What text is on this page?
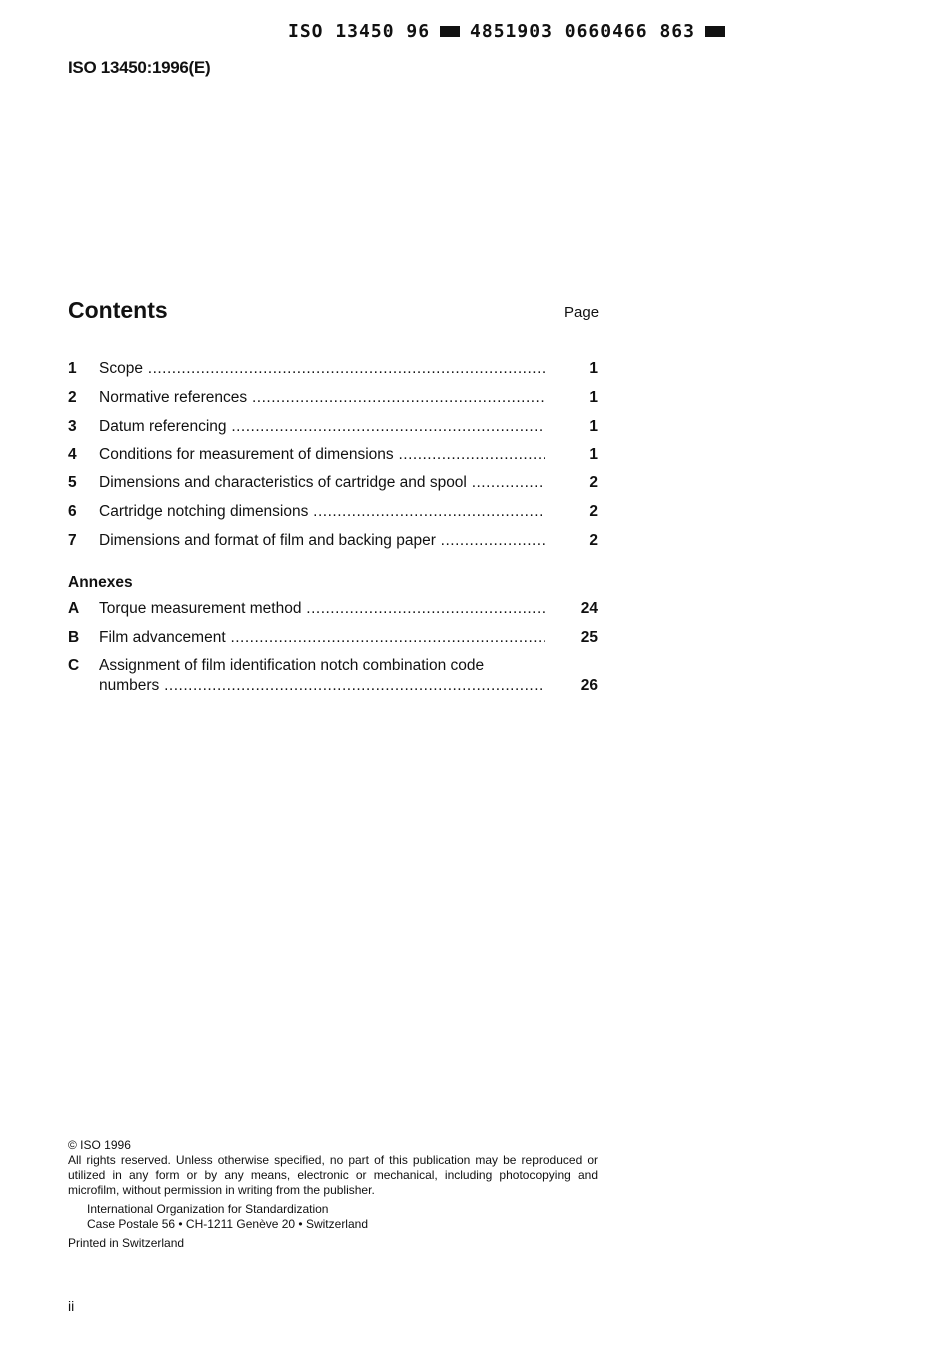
ISO 13450 96 4851903 0660466 863
ISO 13450:1996(E)
Contents	Page
1	Scope .....	1
2	Normative references .....	1
3	Datum referencing .....	1
4	Conditions for measurement of dimensions .....	1
5	Dimensions and characteristics of cartridge and spool .....	2
6	Cartridge notching dimensions .....	2
7	Dimensions and format of film and backing paper .....	2
Annexes
A	Torque measurement method .....	24
B	Film advancement .....	25
C	Assignment of film identification notch combination code
numbers .....	26

© ISO 1996

All rights reserved. Unless otherwise specified, no part of this publication may be reproduced or utilized in any form or by any means, electronic or mechanical, including photocopying and microfilm, without permission in writing from the publisher.

International Organization for Standardization

Case Postale 56 • CH-1211 Genève 20 • Switzerland

Printed in Switzerland

ii
